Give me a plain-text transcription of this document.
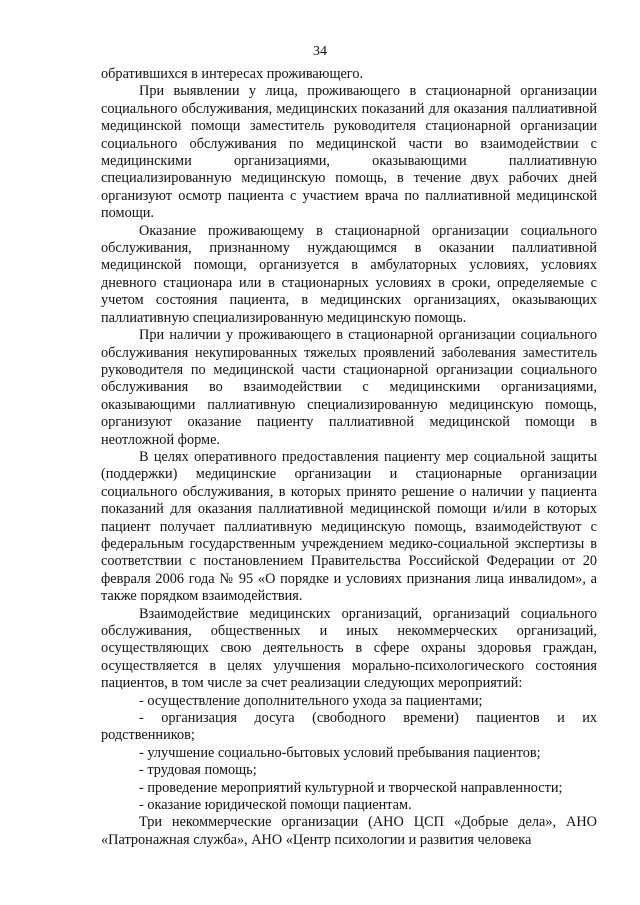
34

обратившихся в интересах проживающего.

При выявлении у лица, проживающего в стационарной организации социального обслуживания, медицинских показаний для оказания паллиативной медицинской помощи заместитель руководителя стационарной организации социального обслуживания по медицинской части во взаимодействии с медицинскими организациями, оказывающими паллиативную специализированную медицинскую помощь, в течение двух рабочих дней организуют осмотр пациента с участием врача по паллиативной медицинской помощи.

Оказание проживающему в стационарной организации социального обслуживания, признанному нуждающимся в оказании паллиативной медицинской помощи, организуется в амбулаторных условиях, условиях дневного стационара или в стационарных условиях в сроки, определяемые с учетом состояния пациента, в медицинских организациях, оказывающих паллиативную специализированную медицинскую помощь.

При наличии у проживающего в стационарной организации социального обслуживания некупированных тяжелых проявлений заболевания заместитель руководителя по медицинской части стационарной организации социального обслуживания во взаимодействии с медицинскими организациями, оказывающими паллиативную специализированную медицинскую помощь, организуют оказание пациенту паллиативной медицинской помощи в неотложной форме.

В целях оперативного предоставления пациенту мер социальной защиты (поддержки) медицинские организации и стационарные организации социального обслуживания, в которых принято решение о наличии у пациента показаний для оказания паллиативной медицинской помощи и/или в которых пациент получает паллиативную медицинскую помощь, взаимодействуют с федеральным государственным учреждением медико-социальной экспертизы в соответствии с постановлением Правительства Российской Федерации от 20 февраля 2006 года № 95 «О порядке и условиях признания лица инвалидом», а также порядком взаимодействия.

Взаимодействие медицинских организаций, организаций социального обслуживания, общественных и иных некоммерческих организаций, осуществляющих свою деятельность в сфере охраны здоровья граждан, осуществляется в целях улучшения морально-психологического состояния пациентов, в том числе за счет реализации следующих мероприятий:

- осуществление дополнительного ухода за пациентами;

- организация досуга (свободного времени) пациентов и их родственников;

- улучшение социально-бытовых условий пребывания пациентов;

- трудовая помощь;

- проведение мероприятий культурной и творческой направленности;

- оказание юридической помощи пациентам.

Три некоммерческие организации (АНО ЦСП «Добрые дела», АНО «Патронажная служба», АНО «Центр психологии и развития человека
